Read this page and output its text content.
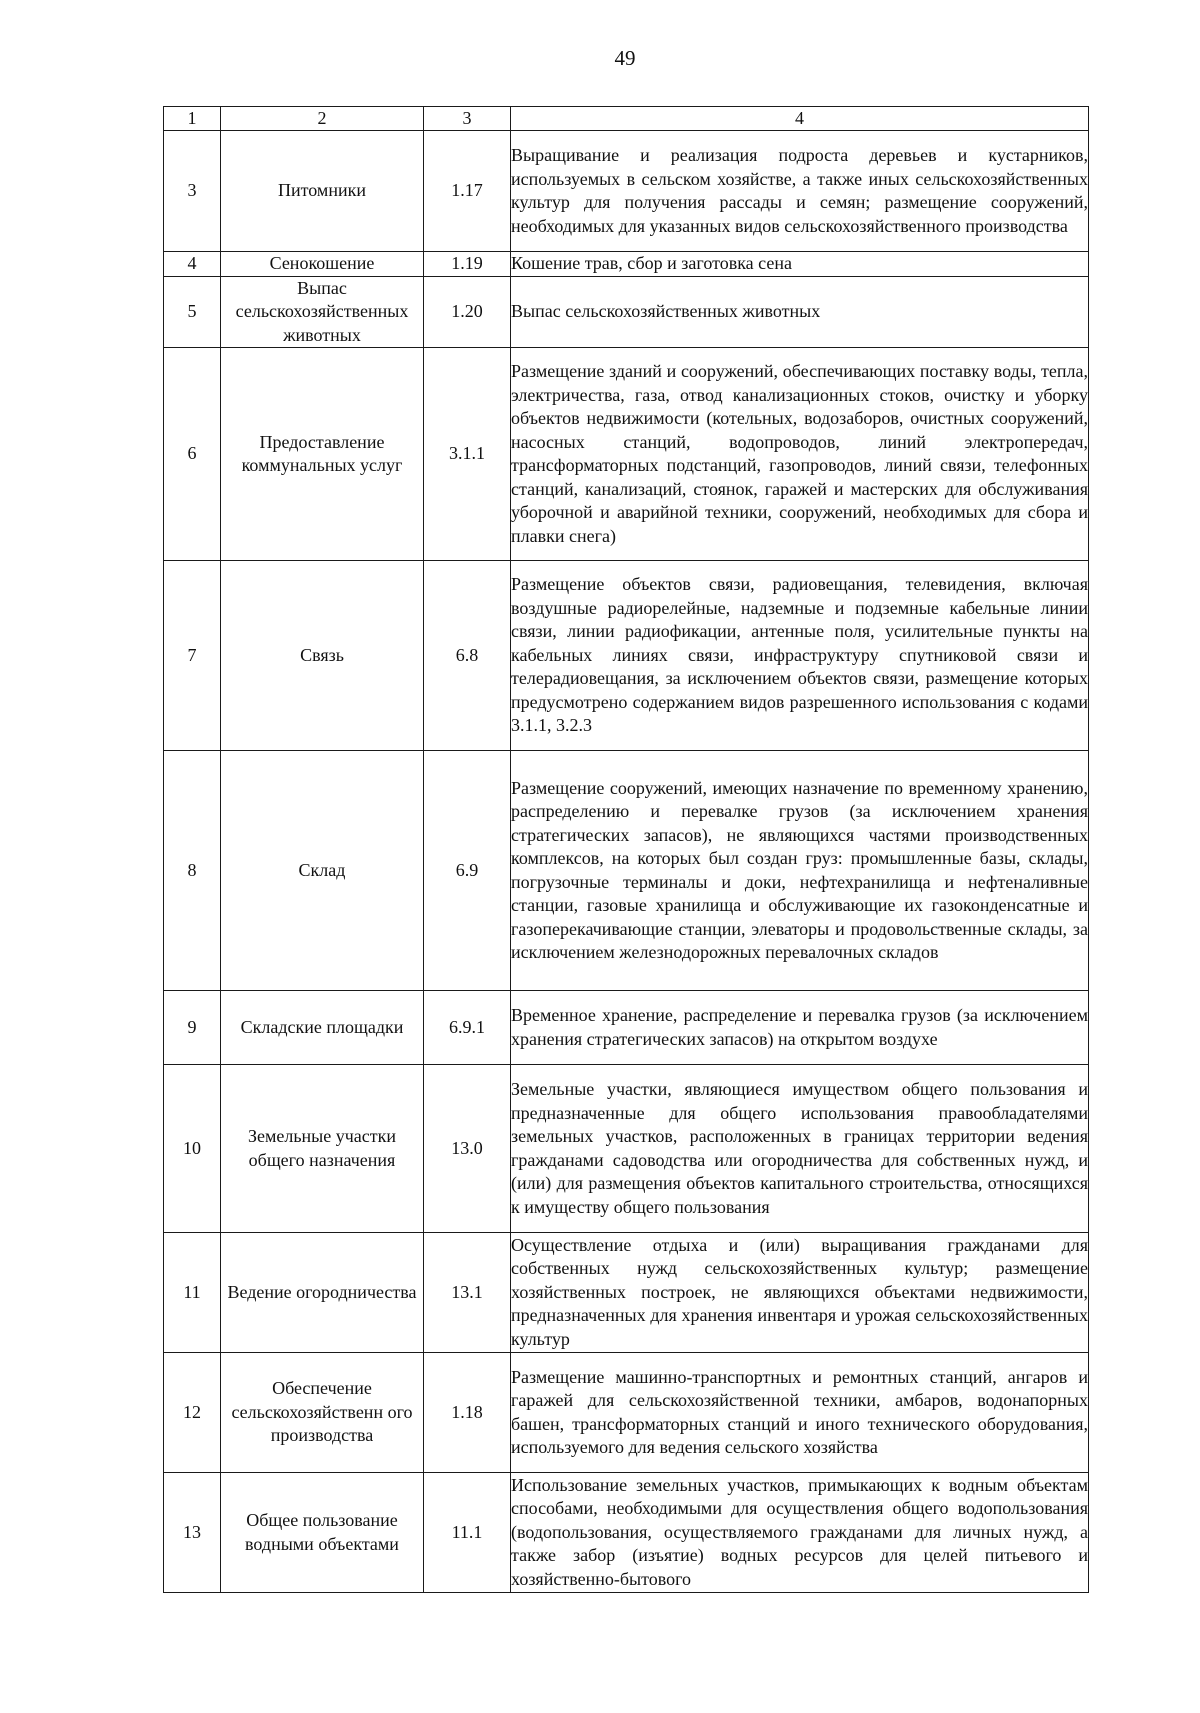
49
1	2	3	4
3	Питомники	1.17	Выращивание и реализация подроста деревьев и кустарников, используемых в сельском хозяйстве, а также иных сельскохозяйственных культур для получения рассады и семян; размещение сооружений, необходимых для указанных видов сельскохозяйственного производства
4	Сенокошение	1.19	Кошение трав, сбор и заготовка сена
5	Выпас сельскохозяйственных животных	1.20	Выпас сельскохозяйственных животных
6	Предоставление коммунальных услуг	3.1.1	Размещение зданий и сооружений, обеспечивающих поставку воды, тепла, электричества, газа, отвод канализационных стоков, очистку и уборку объектов недвижимости (котельных, водозаборов, очистных сооружений, насосных станций, водопроводов, линий электропередач, трансформаторных подстанций, газопроводов, линий связи, телефонных станций, канализаций, стоянок, гаражей и мастерских для обслуживания уборочной и аварийной техники, сооружений, необходимых для сбора и плавки снега)
7	Связь	6.8	Размещение объектов связи, радиовещания, телевидения, включая воздушные радиорелейные, надземные и подземные кабельные линии связи, линии радиофикации, антенные поля, усилительные пункты на кабельных линиях связи, инфраструктуру спутниковой связи и телерадиовещания, за исключением объектов связи, размещение которых предусмотрено содержанием видов разрешенного использования с кодами 3.1.1, 3.2.3
8	Склад	6.9	Размещение сооружений, имеющих назначение по временному хранению, распределению и перевалке грузов (за исключением хранения стратегических запасов), не являющихся частями производственных комплексов, на которых был создан груз: промышленные базы, склады, погрузочные терминалы и доки, нефтехранилища и нефтеналивные станции, газовые хранилища и обслуживающие их газоконденсатные и газоперекачивающие станции, элеваторы и продовольственные склады, за исключением железнодорожных перевалочных складов
9	Складские площадки	6.9.1	Временное хранение, распределение и перевалка грузов (за исключением хранения стратегических запасов) на открытом воздухе
10	Земельные участки общего назначения	13.0	Земельные участки, являющиеся имуществом общего пользования и предназначенные для общего использования правообладателями земельных участков, расположенных в границах территории ведения гражданами садоводства или огородничества для собственных нужд, и (или) для размещения объектов капитального строительства, относящихся к имуществу общего пользования
11	Ведение огородничества	13.1	Осуществление отдыха и (или) выращивания гражданами для собственных нужд сельскохозяйственных культур; размещение хозяйственных построек, не являющихся объектами недвижимости, предназначенных для хранения инвентаря и урожая сельскохозяйственных культур
12	Обеспечение сельскохозяйственн ого производства	1.18	Размещение машинно-транспортных и ремонтных станций, ангаров и гаражей для сельскохозяйственной техники, амбаров, водонапорных башен, трансформаторных станций и иного технического оборудования, используемого для ведения сельского хозяйства
13	Общее пользование водными объектами	11.1	Использование земельных участков, примыкающих к водным объектам способами, необходимыми для осуществления общего водопользования (водопользования, осуществляемого гражданами для личных нужд, а также забор (изъятие) водных ресурсов для целей питьевого и хозяйственно-бытового
